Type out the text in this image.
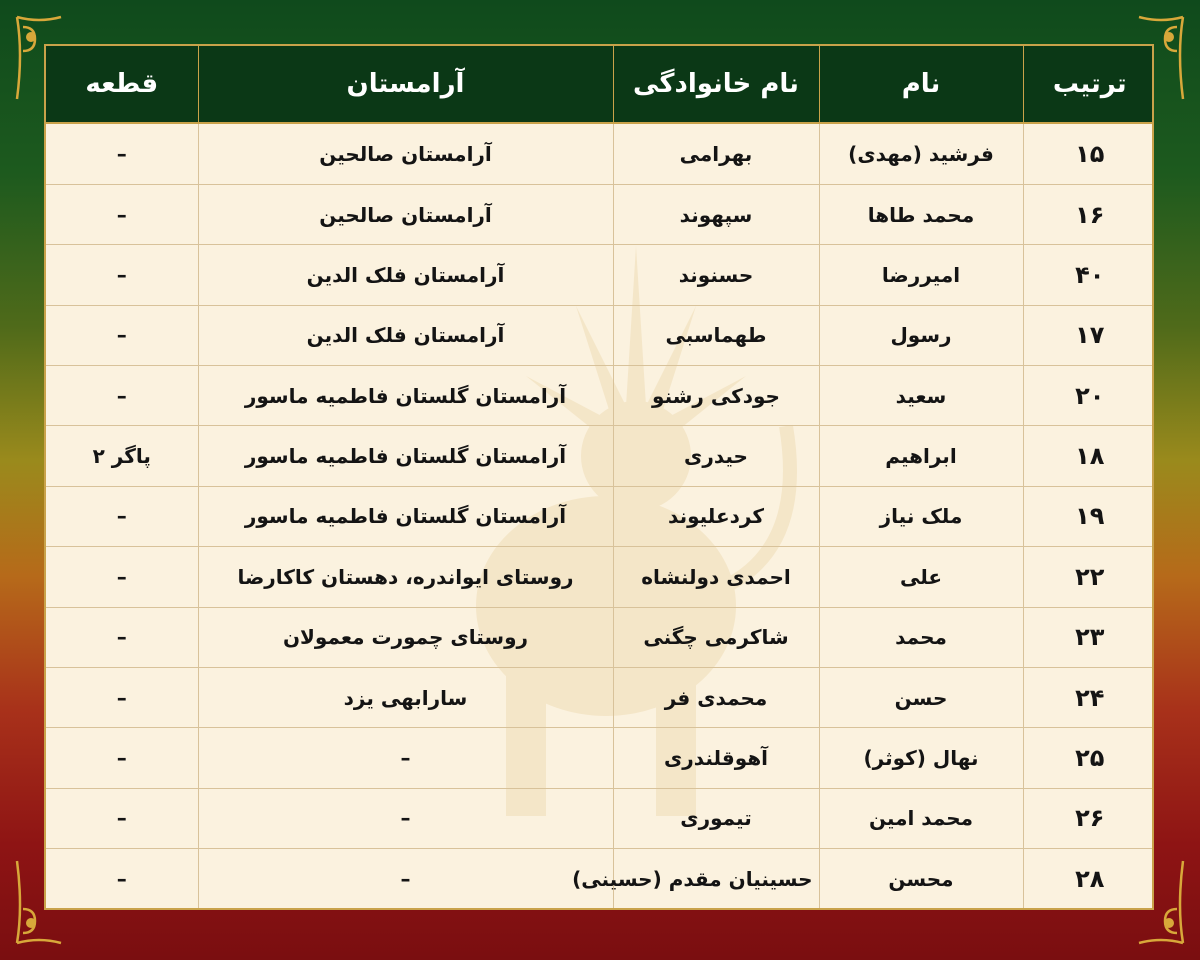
ترتیب	نام	نام خانوادگی	آرامستان	قطعه
۱۵	فرشید (مهدی)	بهرامی	آرامستان صالحین	–
۱۶	محمد طاها	سپهوند	آرامستان صالحین	–
۴۰	امیررضا	حسنوند	آرامستان فلک الدین	–
۱۷	رسول	طهماسبی	آرامستان فلک الدین	–
۲۰	سعید	جودکی رشنو	آرامستان گلستان فاطمیه ماسور	–
۱۸	ابراهیم	حیدری	آرامستان گلستان فاطمیه ماسور	پاگر ۲
۱۹	ملک نیاز	کردعلیوند	آرامستان گلستان فاطمیه ماسور	–
۲۲	علی	احمدی دولنشاه	روستای ایواندره، دهستان کاکارضا	–
۲۳	محمد	شاکرمی چگنی	روستای چمورت معمولان	–
۲۴	حسن	محمدی فر	سارابهی یزد	–
۲۵	نهال (کوثر)	آهوقلندری	–	–
۲۶	محمد امین	تیموری	–	–
۲۸	محسن	حسینیان مقدم (حسینی)	–	–
